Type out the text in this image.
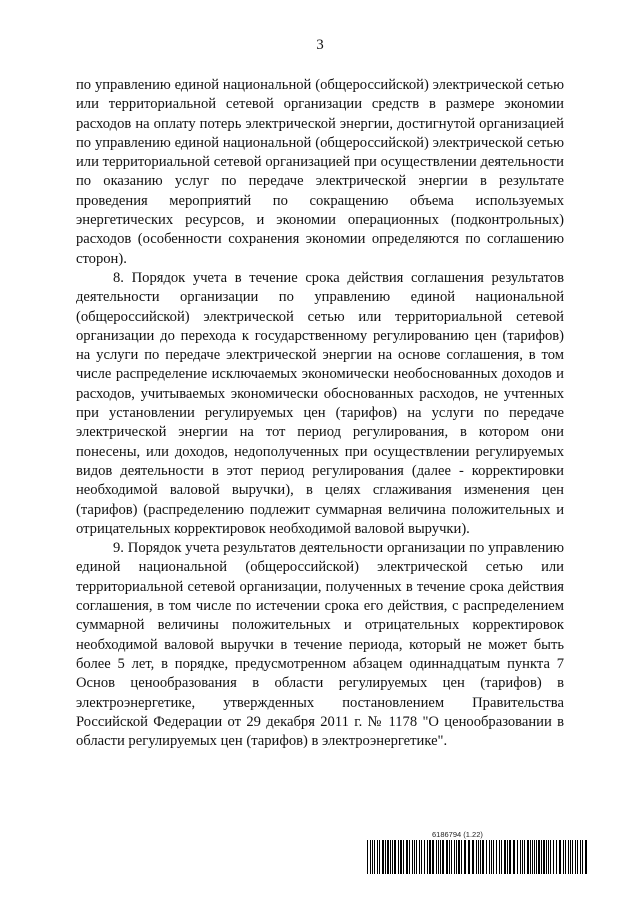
3

по управлению единой национальной (общероссийской) электрической сетью или территориальной сетевой организации средств в размере экономии расходов на оплату потерь электрической энергии, достигнутой организацией по управлению единой национальной (общероссийской) электрической сетью или территориальной сетевой организацией при осуществлении деятельности по оказанию услуг по передаче электрической энергии в результате проведения мероприятий по сокращению объема используемых энергетических ресурсов, и экономии операционных (подконтрольных) расходов (особенности сохранения экономии определяются по соглашению сторон).

8. Порядок учета в течение срока действия соглашения результатов деятельности организации по управлению единой национальной (общероссийской) электрической сетью или территориальной сетевой организации до перехода к государственному регулированию цен (тарифов) на услуги по передаче электрической энергии на основе соглашения, в том числе распределение исключаемых экономически необоснованных доходов и расходов, учитываемых экономически обоснованных расходов, не учтенных при установлении регулируемых цен (тарифов) на услуги по передаче электрической энергии на тот период регулирования, в котором они понесены, или доходов, недополученных при осуществлении регулируемых видов деятельности в этот период регулирования (далее - корректировки необходимой валовой выручки), в целях сглаживания изменения цен (тарифов) (распределению подлежит суммарная величина положительных и отрицательных корректировок необходимой валовой выручки).

9. Порядок учета результатов деятельности организации по управлению единой национальной (общероссийской) электрической сетью или территориальной сетевой организации, полученных в течение срока действия соглашения, в том числе по истечении срока его действия, с распределением суммарной величины положительных и отрицательных корректировок необходимой валовой выручки в течение периода, который не может быть более 5 лет, в порядке, предусмотренном абзацем одиннадцатым пункта 7 Основ ценообразования в области регулируемых цен (тарифов) в электроэнергетике, утвержденных постановлением Правительства Российской Федерации от 29 декабря 2011 г. № 1178 "О ценообразовании в области регулируемых цен (тарифов) в электроэнергетике".

6186794 (1.22)
